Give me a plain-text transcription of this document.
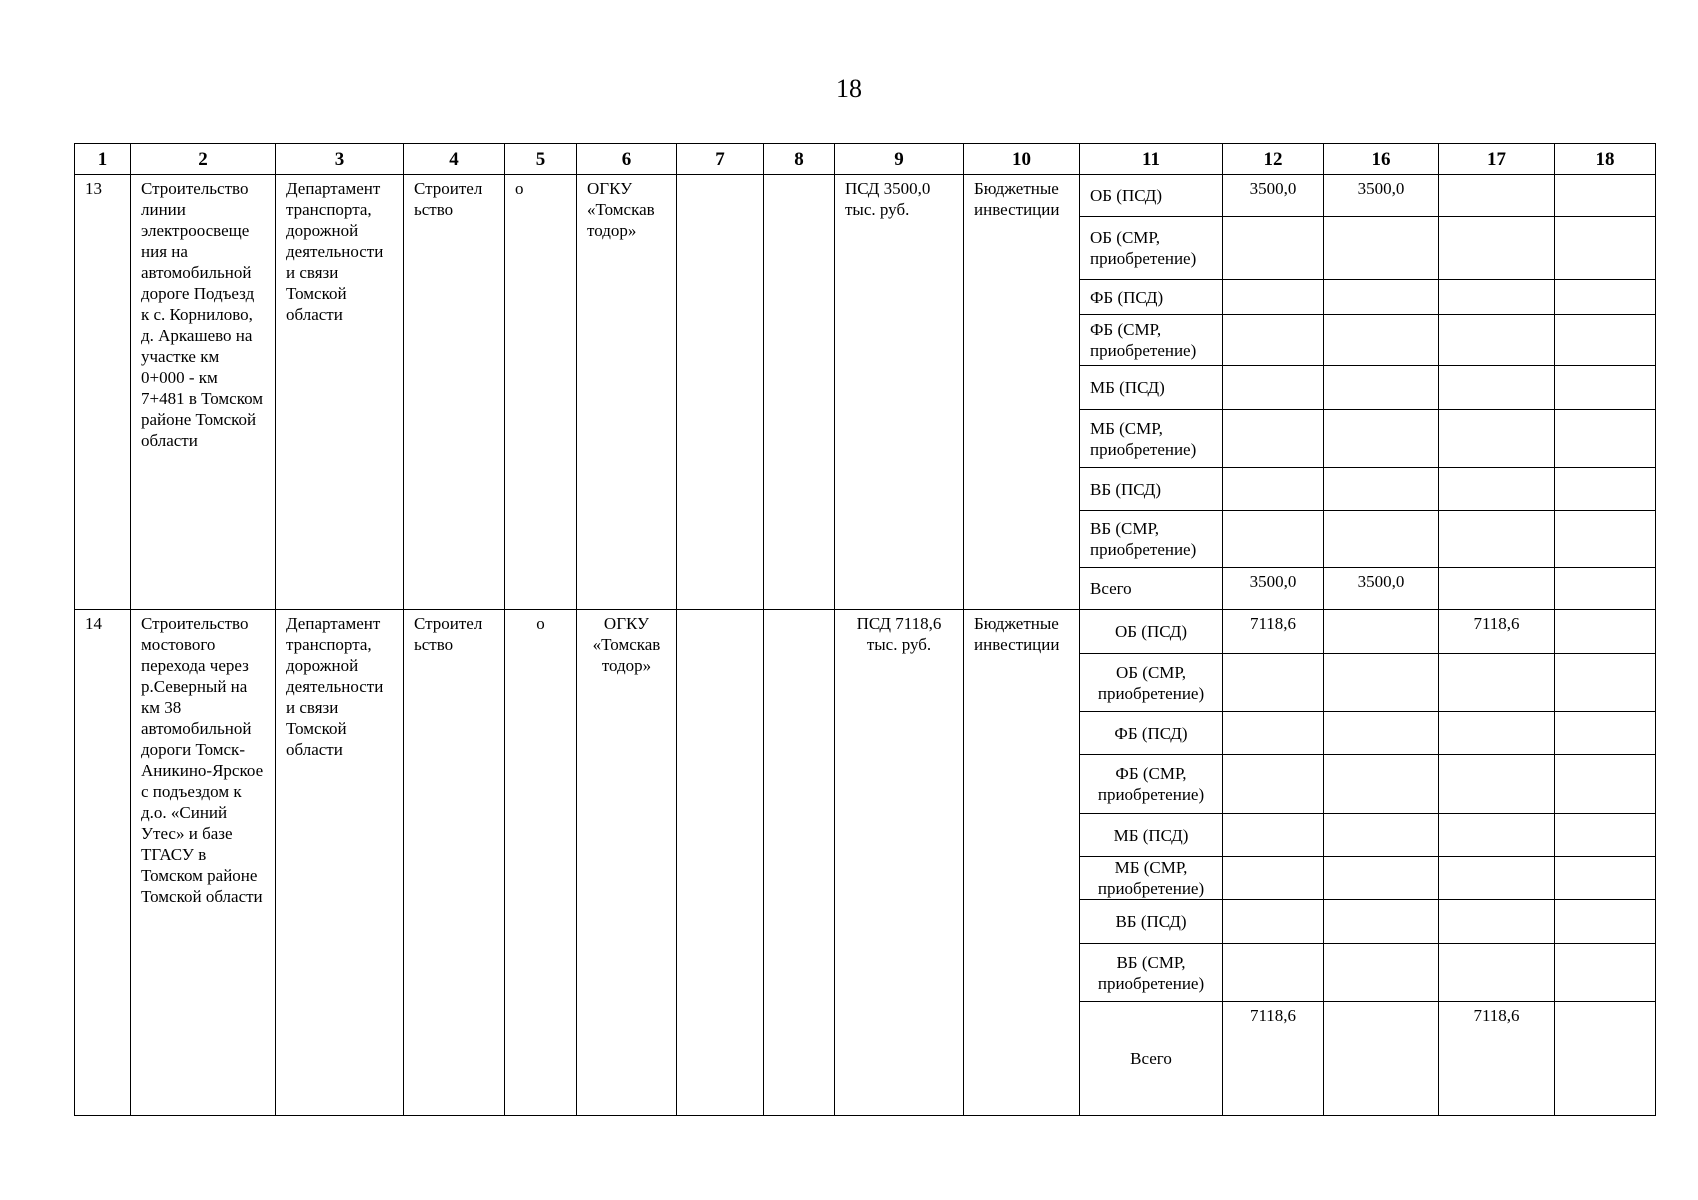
18
1	2	3	4	5	6	7	8	9	10	11	12	16	17	18
13	Строительство линии электроосвеще ния на автомобильной дороге Подъезд к с. Корнилово, д. Аркашево на участке км 0+000 - км 7+481 в Томском районе Томской области	Департамент транспорта, дорожной деятельности и связи Томской области	Строител ьство	о	ОГКУ «Томскав тодор»			ПСД 3500,0 тыс. руб.	Бюджетные инвестиции	ОБ (ПСД)	3500,0	3500,0		
										ОБ (СМР, приобретение)				
										ФБ (ПСД)				
										ФБ (СМР, приобретение)				
										МБ (ПСД)				
										МБ (СМР, приобретение)				
										ВБ (ПСД)				
										ВБ (СМР, приобретение)				
										Всего	3500,0	3500,0		
14	Строительство мостового перехода через р.Северный на км 38 автомобильной дороги Томск-Аникино-Ярское с подъездом к д.о. «Синий Утес» и базе ТГАСУ в Томском районе Томской области	Департамент транспорта, дорожной деятельности и связи Томской области	Строител ьство	о	ОГКУ «Томскав тодор»			ПСД 7118,6 тыс. руб.	Бюджетные инвестиции	ОБ (ПСД)	7118,6		7118,6	
										ОБ (СМР, приобретение)				
										ФБ (ПСД)				
										ФБ (СМР, приобретение)				
										МБ (ПСД)				
										МБ (СМР, приобретение)				
										ВБ (ПСД)				
										ВБ (СМР, приобретение)				
										Всего	7118,6		7118,6	
